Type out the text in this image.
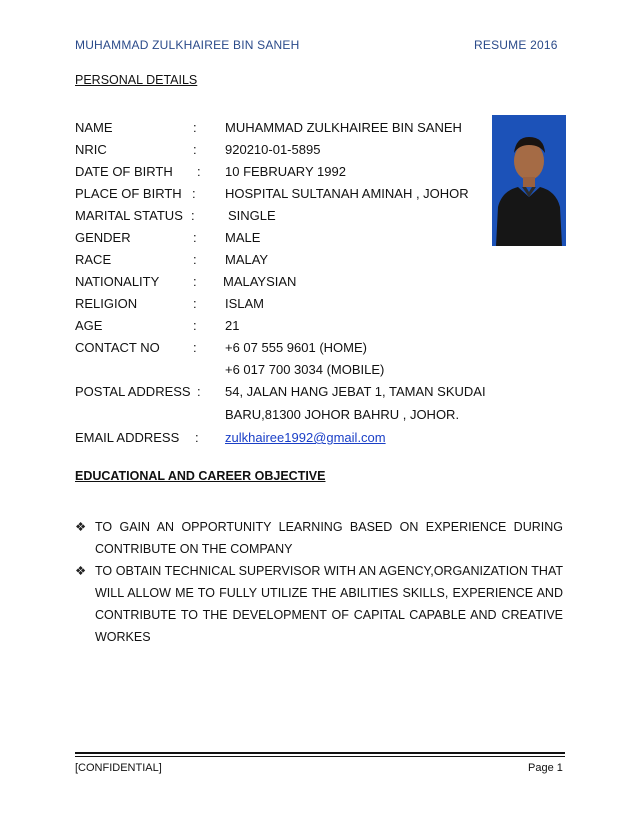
MUHAMMAD ZULKHAIREE BIN SANEH	RESUME 2016
PERSONAL DETAILS
NAME	: MUHAMMAD ZULKHAIREE BIN SANEH
NRIC	: 920210-01-5895
DATE OF BIRTH : 10 FEBRUARY 1992
PLACE OF BIRTH : HOSPITAL SULTANAH AMINAH , JOHOR
MARITAL STATUS :	SINGLE
GENDER	: MALE
RACE	: MALAY
NATIONALITY	: MALAYSIAN
RELIGION	: ISLAM
AGE	: 21
CONTACT NO	: +6 07 555 9601 (HOME)
+6 017 700 3034 (MOBILE)
POSTAL ADDRESS : 54, JALAN HANG JEBAT 1, TAMAN SKUDAI
BARU,81300 JOHOR BAHRU , JOHOR.
EMAIL ADDRESS : zulkhairee1992@gmail.com
EDUCATIONAL AND CAREER OBJECTIVE
❖ TO GAIN AN OPPORTUNITY LEARNING BASED ON EXPERIENCE DURING CONTRIBUTE ON THE COMPANY
❖ TO OBTAIN TECHNICAL SUPERVISOR WITH AN AGENCY,ORGANIZATION THAT WILL ALLOW ME TO FULLY UTILIZE THE ABILITIES SKILLS, EXPERIENCE AND CONTRIBUTE TO THE DEVELOPMENT OF CAPITAL CAPABLE AND CREATIVE WORKES
[CONFIDENTIAL]	Page 1
